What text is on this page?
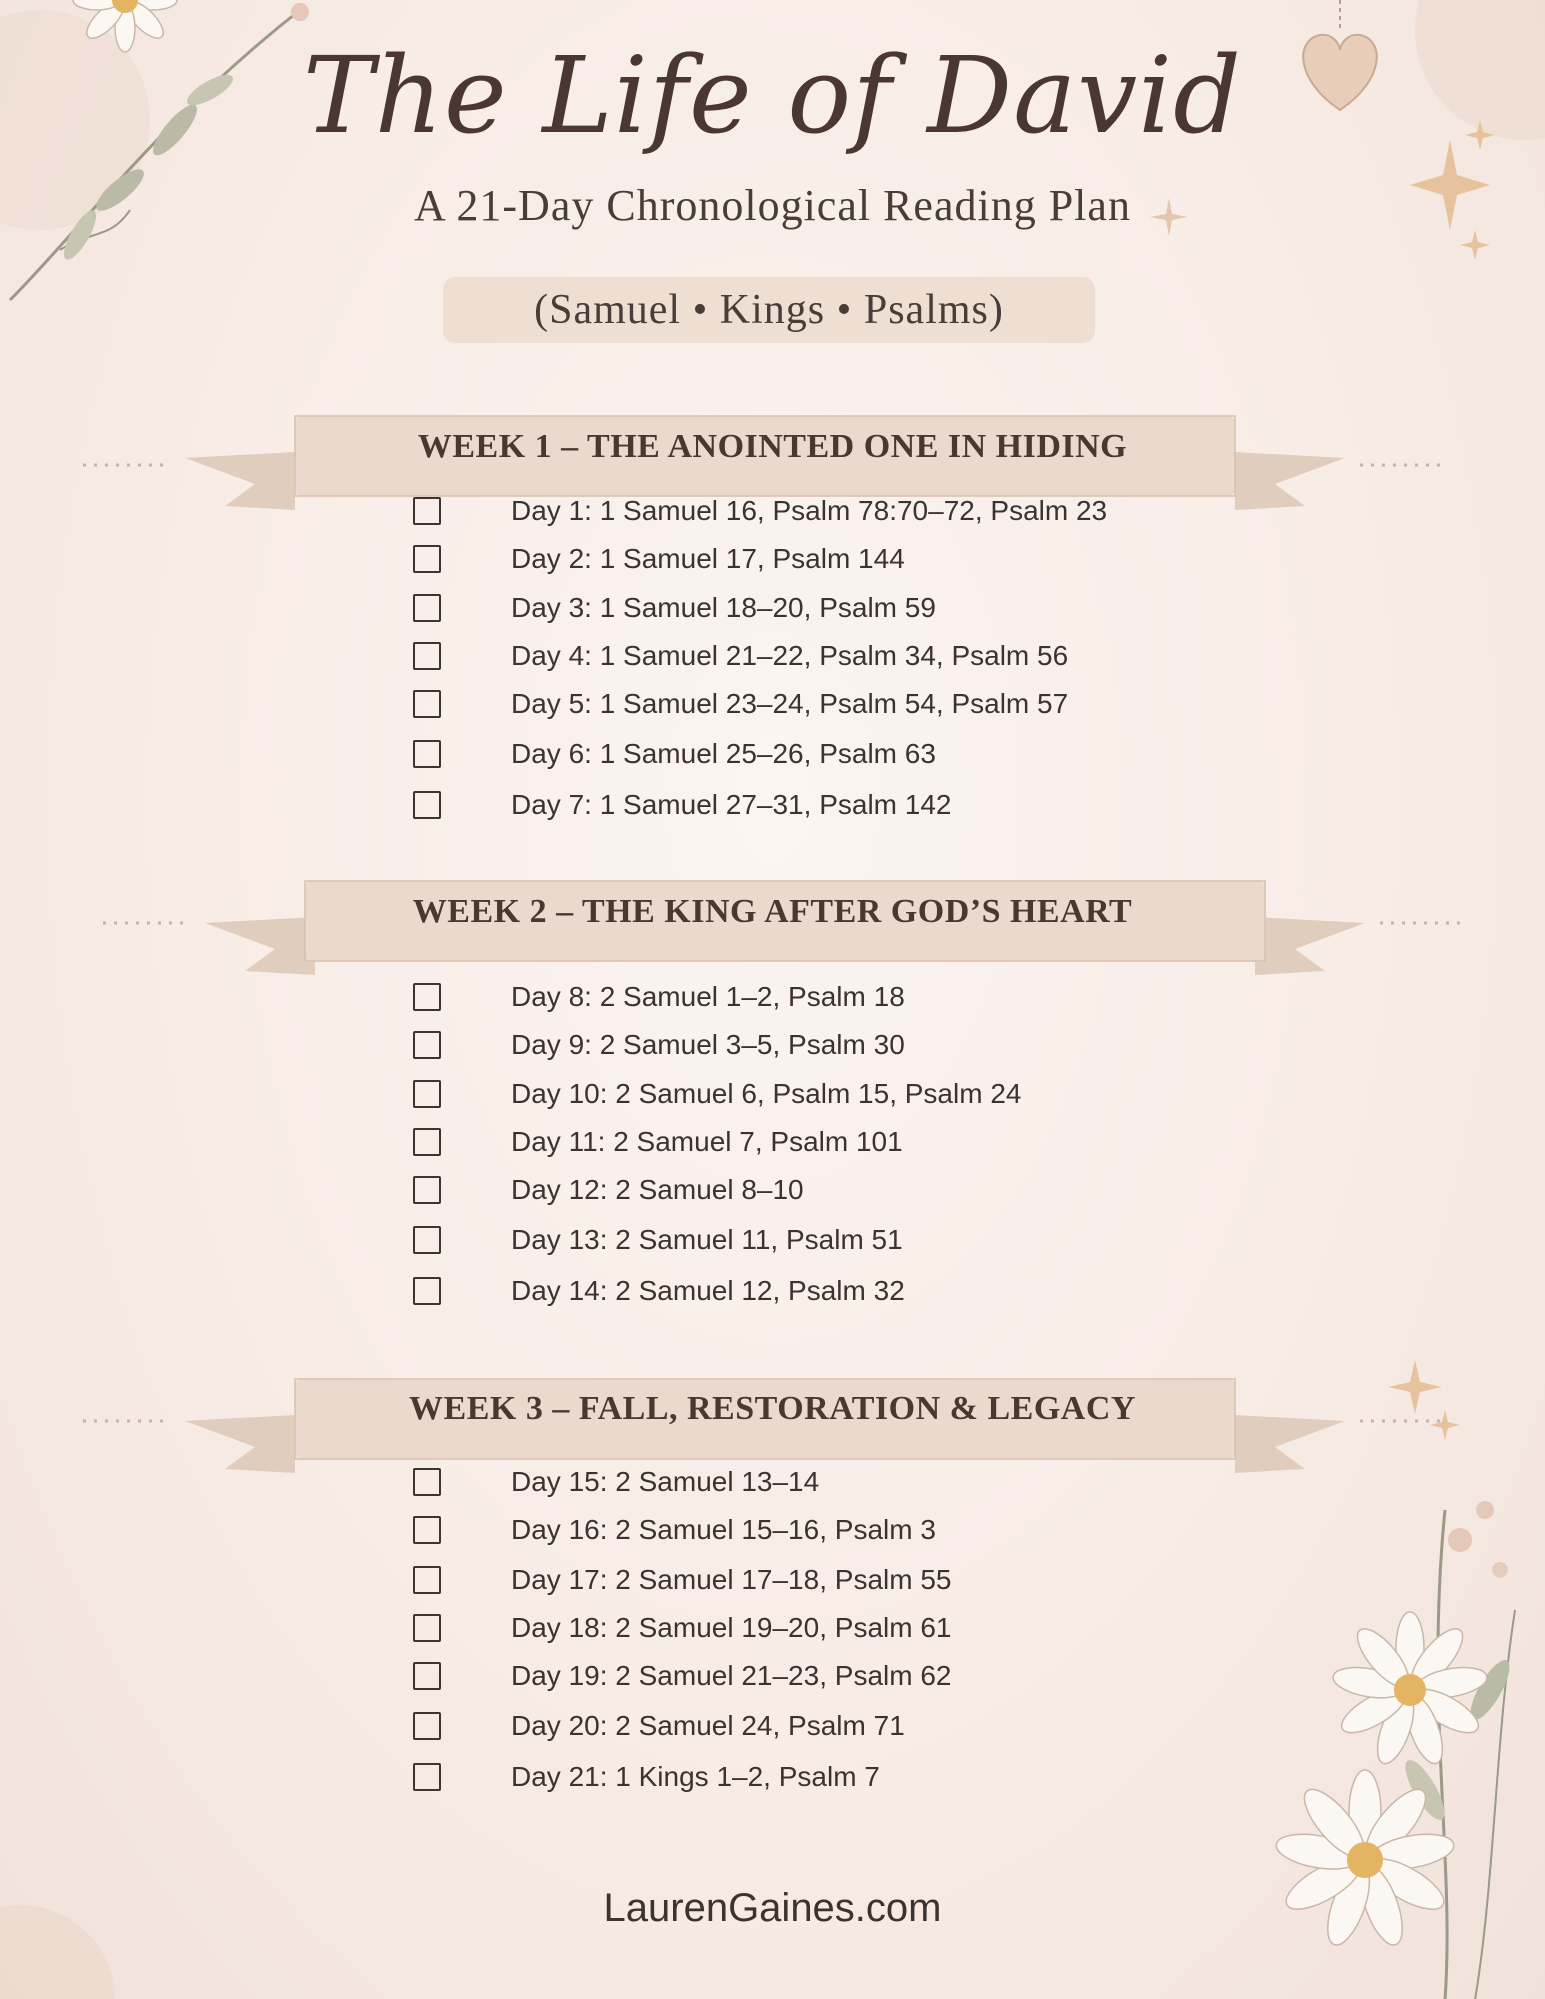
The Life of David
A 21-Day Chronological Reading Plan
(Samuel • Kings • Psalms)
WEEK 1 – THE ANOINTED ONE IN HIDING
WEEK 2 – THE KING AFTER GOD’S HEART
WEEK 3 – FALL, RESTORATION & LEGACY
Day 1: 1 Samuel 16, Psalm 78:70–72, Psalm 23
Day 2: 1 Samuel 17, Psalm 144
Day 3: 1 Samuel 18–20, Psalm 59
Day 4: 1 Samuel 21–22, Psalm 34, Psalm 56
Day 5: 1 Samuel 23–24, Psalm 54, Psalm 57
Day 6: 1 Samuel 25–26, Psalm 63
Day 7: 1 Samuel 27–31, Psalm 142
Day 8: 2 Samuel 1–2, Psalm 18
Day 9: 2 Samuel 3–5, Psalm 30
Day 10: 2 Samuel 6, Psalm 15, Psalm 24
Day 11: 2 Samuel 7, Psalm 101
Day 12: 2 Samuel 8–10
Day 13: 2 Samuel 11, Psalm 51
Day 14: 2 Samuel 12, Psalm 32
Day 15: 2 Samuel 13–14
Day 16: 2 Samuel 15–16, Psalm 3
Day 17: 2 Samuel 17–18, Psalm 55
Day 18: 2 Samuel 19–20, Psalm 61
Day 19: 2 Samuel 21–23, Psalm 62
Day 20: 2 Samuel 24, Psalm 71
Day 21: 1 Kings 1–2, Psalm 7
LaurenGaines.com
